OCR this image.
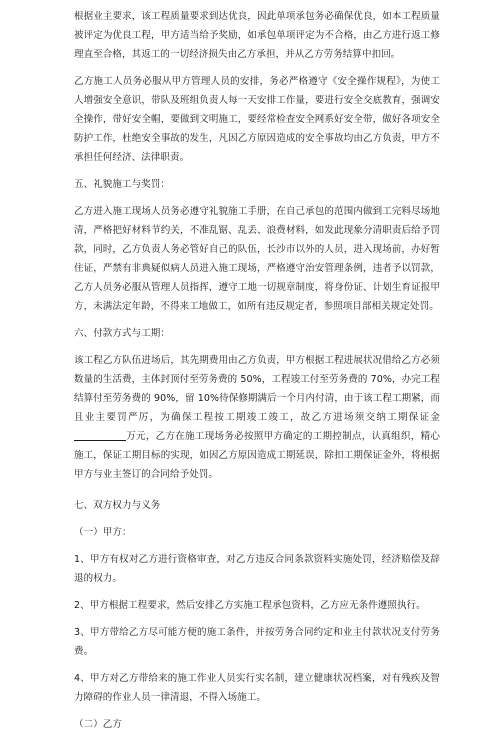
根据业主要求，该工程质量要求到达优良，因此单项承包务必确保优良，如本工程质量被评定为优良工程，甲方适当给予奖励，如承包单项评定为不合格，由乙方进行返工修理直至合格，其返工的一切经济损失由乙方承担，并从乙方劳务结算中扣回。

乙方施工人员务必服从甲方管理人员的安排，务必严格遵守《安全操作规程》，为使工人增强安全意识，带队及班组负责人每一天安排工作量，要进行安全交底教育，强调安全操作，带好安全帽，要做到文明施工，要经常检查安全网系好安全带，做好各项安全防护工作，杜绝安全事故的发生，凡因乙方原因造成的安全事故均由乙方负责，甲方不承担任何经济、法律职责。

五、礼貌施工与奖罚：

乙方进入施工现场人员务必遵守礼貌施工手册，在自己承包的范围内做到工完料尽场地清，严格把好材料节约关，不准乱锯、乱丢、浪费材料，如发此现象分清职责后给予罚款，同时，乙方负责人务必管好自己的队伍，长沙市以外的人员，进入现场前，办好暂住证，严禁有非典疑似病人员进入施工现场，严格遵守治安管理条例，违者予以罚款，乙方人员务必服从管理人员指挥，遵守工地一切规章制度，将身份证、计划生育证报甲方，未满法定年龄，不得来工地做工，如所有违反规定者，参照项目部相关规定处罚。

六、付款方式与工期：

该工程乙方队伍进场后，其先期费用由乙方负责，甲方根据工程进展状况借给乙方必须数量的生活费，主体封顶付至劳务费的 50%，工程竣工付至劳务费的 70%，办完工程结算付至劳务费的 90%，留 10%待保修期满后一个月内付清，由于该工程工期紧，而且业主要罚严厉，为确保工程按工期竣工竣工，故乙方进场须交纳工期保证金万元，乙方在施工现场务必按照甲方确定的工期控制点，认真组织，精心施工，保证工期目标的实现，如因乙方原因造成工期延误，除扣工期保证金外，将根据甲方与业主签订的合同给予处罚。

七、双方权力与义务

（一）甲方：

1、甲方有权对乙方进行资格审查，对乙方违反合同条款资料实施处罚，经济赔偿及辞退的权力。

2、甲方根据工程要求，然后安排乙方实施工程承包资料，乙方应无条件遵照执行。

3、甲方带给乙方尽可能方便的施工条件，并按劳务合同约定和业主付款状况支付劳务费。

4、甲方对乙方带给来的施工作业人员实行实名制，建立健康状况档案，对有残疾及智力障碍的作业人员一律清退，不得入场施工。

（二）乙方
